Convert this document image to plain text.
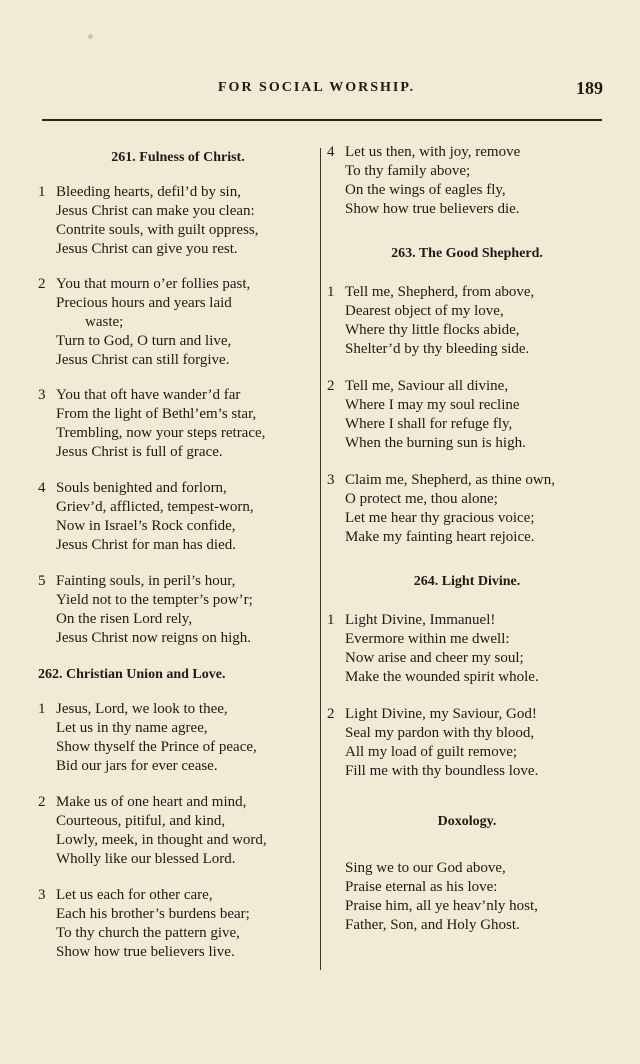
FOR SOCIAL WORSHIP.	189

261. Fulness of Christ.

1 Bleeding hearts, defil’d by sin,
Jesus Christ can make you clean:
Contrite souls, with guilt oppress,
Jesus Christ can give you rest.
2 You that mourn o’er follies past,
Precious hours and years laid
waste;
Turn to God, O turn and live,
Jesus Christ can still forgive.
3 You that oft have wander’d far
From the light of Bethl’em’s star,
Trembling, now your steps retrace,
Jesus Christ is full of grace.
4 Souls benighted and forlorn,
Griev’d, afflicted, tempest-worn,
Now in Israel’s Rock confide,
Jesus Christ for man has died.
5 Fainting souls, in peril’s hour,
Yield not to the tempter’s pow’r;
On the risen Lord rely,
Jesus Christ now reigns on high.

262. Christian Union and Love.

1 Jesus, Lord, we look to thee,
Let us in thy name agree,
Show thyself the Prince of peace,
Bid our jars for ever cease.
2 Make us of one heart and mind,
Courteous, pitiful, and kind,
Lowly, meek, in thought and word,
Wholly like our blessed Lord.
3 Let us each for other care,
Each his brother’s burdens bear;
To thy church the pattern give,
Show how true believers live.
4 Let us then, with joy, remove
To thy family above;
On the wings of eagles fly,
Show how true believers die.

263. The Good Shepherd.

1 Tell me, Shepherd, from above,
Dearest object of my love,
Where thy little flocks abide,
Shelter’d by thy bleeding side.
2 Tell me, Saviour all divine,
Where I may my soul recline
Where I shall for refuge fly,
When the burning sun is high.
3 Claim me, Shepherd, as thine own,
O protect me, thou alone;
Let me hear thy gracious voice;
Make my fainting heart rejoice.

264. Light Divine.

1 Light Divine, Immanuel!
Evermore within me dwell:
Now arise and cheer my soul;
Make the wounded spirit whole.
2 Light Divine, my Saviour, God!
Seal my pardon with thy blood,
All my load of guilt remove;
Fill me with thy boundless love.

Doxology.

Sing we to our God above,
Praise eternal as his love:
Praise him, all ye heav’nly host,
Father, Son, and Holy Ghost.
